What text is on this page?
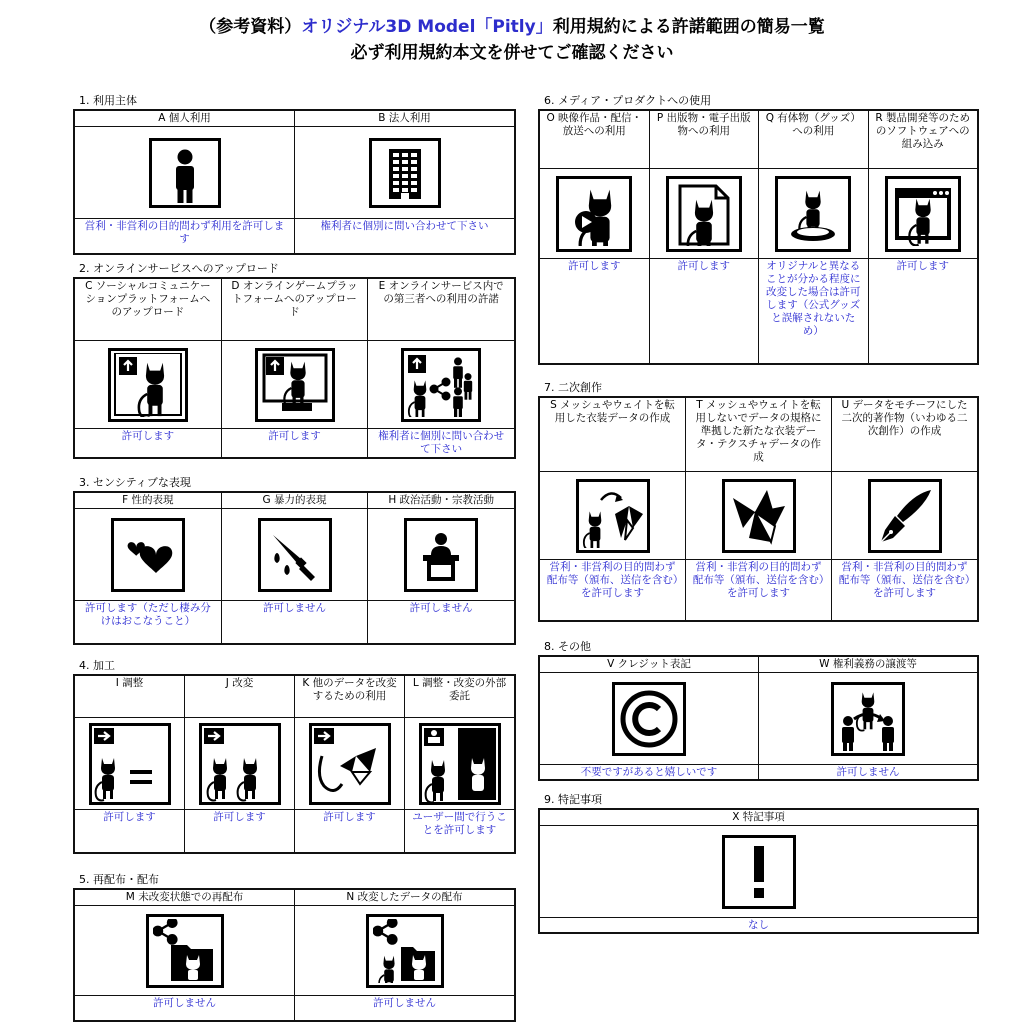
（参考資料）オリジナル3D Model「Pitly」利用規約による許諾範囲の簡易一覧
必ず利用規約本文を併せてご確認ください
1. 利用主体
A 個人利用
営利・非営利の目的問わず利用を許可します
B 法人利用
権利者に個別に問い合わせて下さい
2. オンラインサービスへのアップロード
C ソーシャルコミュニケーションプラットフォームへのアップロード
許可します
D オンラインゲームプラットフォームへのアップロード
許可します
E オンラインサービス内での第三者への利用の許諾
権利者に個別に問い合わせて下さい
3. センシティブな表現
F 性的表現
許可します（ただし棲み分けはおこなうこと）
G 暴力的表現
許可しません
H 政治活動・宗教活動
許可しません
4. 加工
I 調整
許可します
J 改変
許可します
K 他のデータを改変するための利用
許可します
L 調整・改変の外部委託
ユーザー間で行うことを許可します
5. 再配布・配布
M 未改変状態での再配布
許可しません
N 改変したデータの配布
許可しません
6. メディア・プロダクトへの使用
O 映像作品・配信・放送への利用
許可します
P 出版物・電子出版物への利用
許可します
Q 有体物（グッズ）への利用
オリジナルと異なることが分かる程度に改変した場合は許可します（公式グッズと誤解されないため）
R 製品開発等のためのソフトウェアへの組み込み
許可します
7. 二次創作
S メッシュやウェイトを転用した衣装データの作成
営利・非営利の目的問わず配布等（頒布、送信を含む）を許可します
T メッシュやウェイトを転用しないでデータの規格に準拠した新たな衣装データ・テクスチャデータの作成
営利・非営利の目的問わず配布等（頒布、送信を含む）を許可します
U データをモチーフにした二次的著作物（いわゆる二次創作）の作成
営利・非営利の目的問わず配布等（頒布、送信を含む）を許可します
8. その他
V クレジット表記
不要ですがあると嬉しいです
W 権利義務の譲渡等
許可しません
9. 特記事項
X 特記事項
なし
